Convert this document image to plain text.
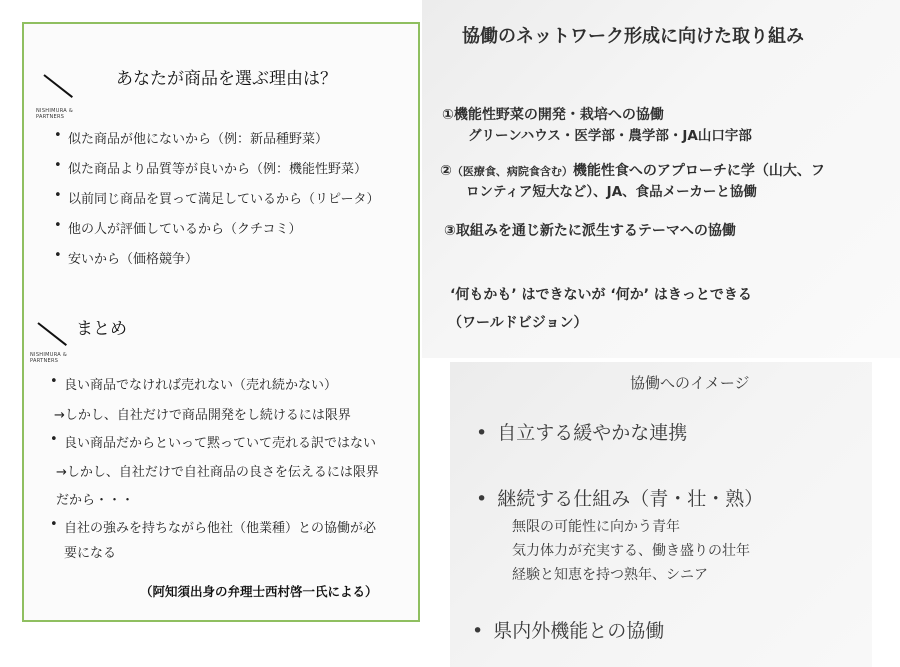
NISHIMURA & PARTNERS
あなたが商品を選ぶ理由は？
• 似た商品が他にないから（例：新品種野菜）
• 似た商品より品質等が良いから（例：機能性野菜）
• 以前同じ商品を買って満足しているから（リピータ）
• 他の人が評価しているから（クチコミ）
• 安いから（価格競争）
NISHIMURA & PARTNERS
まとめ
• 良い商品でなければ売れない（売れ続かない）
→しかし、自社だけで商品開発をし続けるには限界
• 良い商品だからといって黙っていて売れる訳ではない
→しかし、自社だけで自社商品の良さを伝えるには限界
だから・・・
• 自社の強みを持ちながら他社（他業種）との協働が必
要になる
（阿知須出身の弁理士西村啓一氏による）
協働のネットワーク形成に向けた取り組み
①機能性野菜の開発・栽培への協働
グリーンハウス・医学部・農学部・JA山口宇部
②（医療食、病院食含む）機能性食へのアプローチに学（山大、フ
ロンティア短大など）、JA、食品メーカーと協働
③取組みを通じ新たに派生するテーマへの協働
‘何もかも’ はできないが ‘何か’ はきっとできる
（ワールドビジョン）
協働へのイメージ
• 自立する緩やかな連携
• 継続する仕組み（青・壮・熟）
無限の可能性に向かう青年
気力体力が充実する、働き盛りの壮年
経験と知恵を持つ熟年、シニア
• 県内外機能との協働
